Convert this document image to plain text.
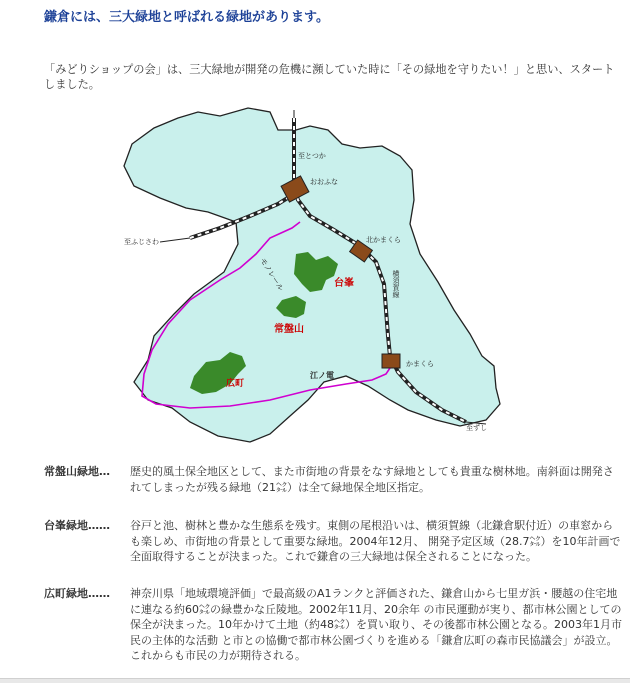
鎌倉には、三大緑地と呼ばれる緑地があります。
「みどりショップの会」は、三大緑地が開発の危機に瀕していた時に「その緑地を守りたい！」と思い、スタートしました。
至とつか
おおふな
至ふじさわ	北かまくら
横須賀線
モノレール
江ノ電
かまくら
至ずし
台峯
常盤山
広町
常盤山緑地…	歴史的風土保全地区として、また市街地の背景をなす緑地としても貴重な樹林地。南斜面は開発されてしまったが残る緑地（21㌶）は全て緑地保全地区指定。
台峯緑地……	谷戸と池、樹林と豊かな生態系を残す。東側の尾根沿いは、横須賀線（北鎌倉駅付近）の車窓からも楽しめ、市街地の背景として重要な緑地。2004年12月、 開発予定区域（28.7㌶）を10年計画で全面取得することが決まった。これで鎌倉の三大緑地は保全されることになった。
広町緑地……	神奈川県「地域環境評価」で最高級のA1ランクと評価された、鎌倉山から七里ガ浜・腰越の住宅地に連なる約60㌶の緑豊かな丘陵地。2002年11月、20余年 の市民運動が実り、都市林公園としての保全が決まった。10年かけて土地（約48㌶）を買い取り、その後都市林公園となる。2003年1月市民の主体的な活動 と市との協働で都市林公園づくりを進める「鎌倉広町の森市民協議会」が設立。これからも市民の力が期待される。
